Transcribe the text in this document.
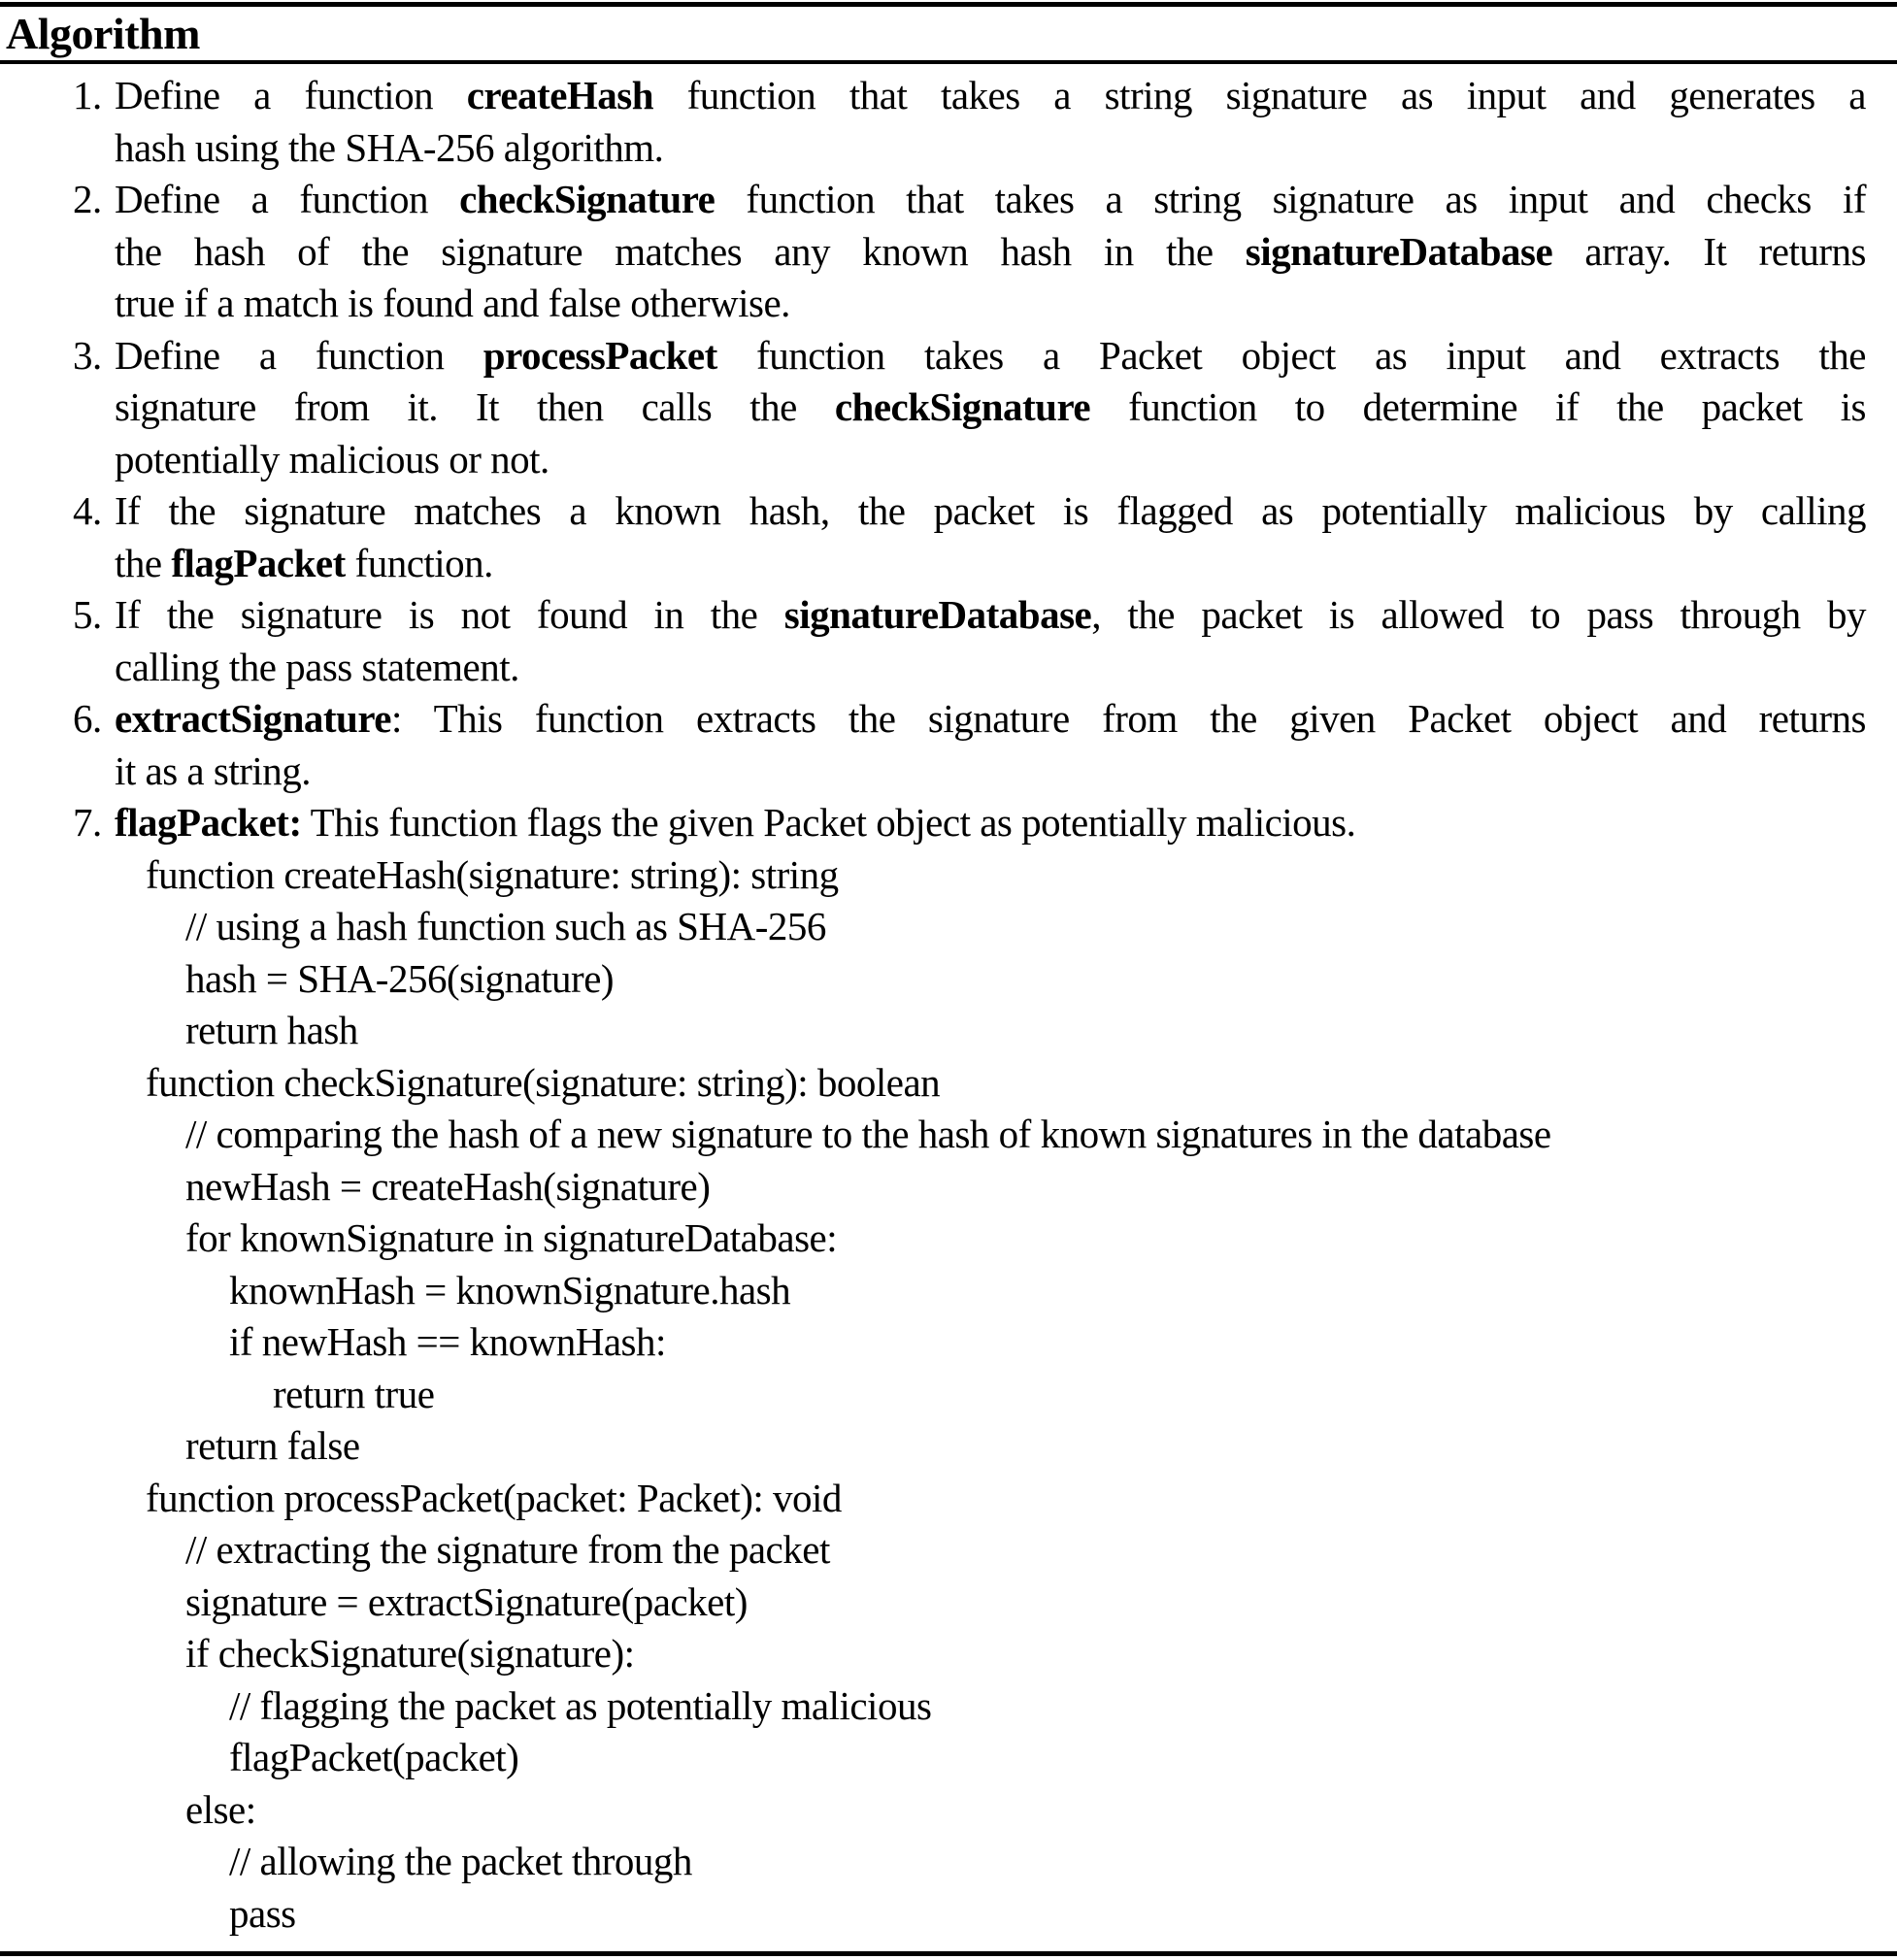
Algorithm
1. Define a function createHash function that takes a string signature as input and generates a
hash using the SHA-256 algorithm.
2. Define a function checkSignature function that takes a string signature as input and checks if
the hash of the signature matches any known hash in the signatureDatabase array. It returns
true if a match is found and false otherwise.
3. Define a function processPacket function takes a Packet object as input and extracts the
signature from it. It then calls the checkSignature function to determine if the packet is
potentially malicious or not.
4. If the signature matches a known hash, the packet is flagged as potentially malicious by calling
the flagPacket function.
5. If the signature is not found in the signatureDatabase, the packet is allowed to pass through by
calling the pass statement.
6. extractSignature: This function extracts the signature from the given Packet object and returns
it as a string.
7. flagPacket: This function flags the given Packet object as potentially malicious.
function createHash(signature: string): string
// using a hash function such as SHA-256
hash = SHA-256(signature)
return hash
function checkSignature(signature: string): boolean
// comparing the hash of a new signature to the hash of known signatures in the database
newHash = createHash(signature)
for knownSignature in signatureDatabase:
knownHash = knownSignature.hash
if newHash == knownHash:
return true
return false
function processPacket(packet: Packet): void
// extracting the signature from the packet
signature = extractSignature(packet)
if checkSignature(signature):
// flagging the packet as potentially malicious
flagPacket(packet)
else:
// allowing the packet through
pass
